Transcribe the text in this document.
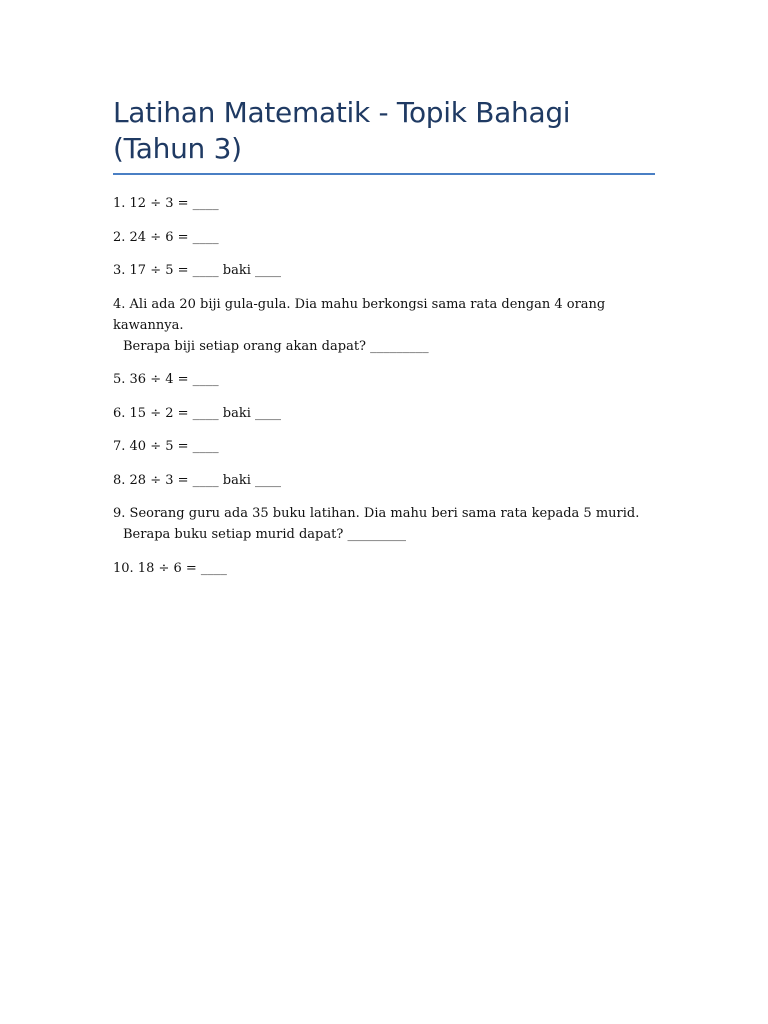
Latihan Matematik - Topik Bahagi (Tahun 3)
1. 12 ÷ 3 = ____
2. 24 ÷ 6 = ____
3. 17 ÷ 5 = ____ baki ____
4. Ali ada 20 biji gula-gula. Dia mahu berkongsi sama rata dengan 4 orang kawannya.
Berapa biji setiap orang akan dapat? _________
5. 36 ÷ 4 = ____
6. 15 ÷ 2 = ____ baki ____
7. 40 ÷ 5 = ____
8. 28 ÷ 3 = ____ baki ____
9. Seorang guru ada 35 buku latihan. Dia mahu beri sama rata kepada 5 murid.
Berapa buku setiap murid dapat? _________
10. 18 ÷ 6 = ____
